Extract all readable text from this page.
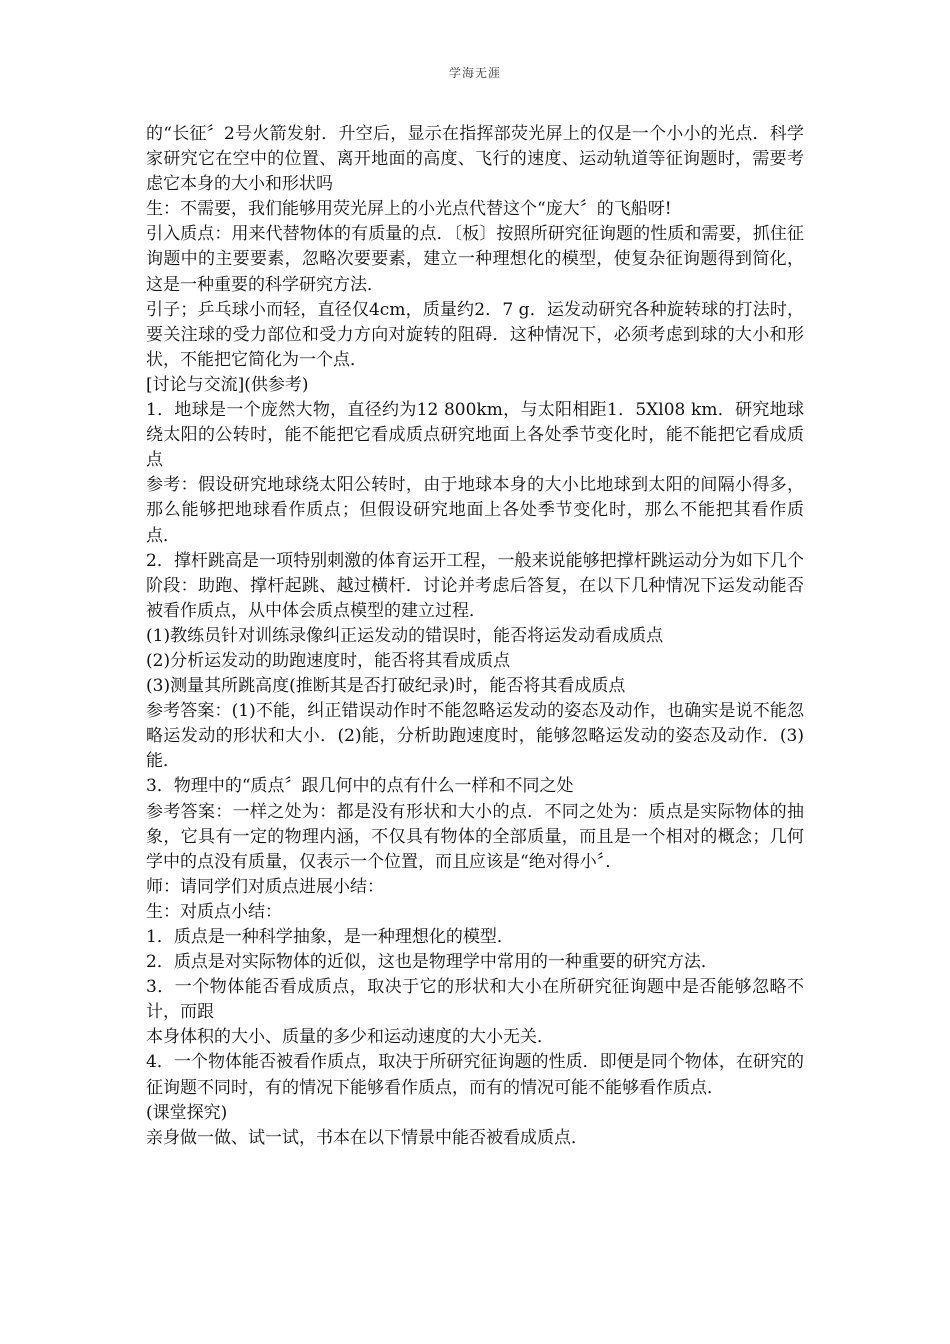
学海无涯

的“长征〞2号火箭发射．升空后，显示在指挥部荧光屏上的仅是一个小小的光点．科学家研究它在空中的位置、离开地面的高度、飞行的速度、运动轨道等征询题时，需要考虑它本身的大小和形状吗

生：不需要，我们能够用荧光屏上的小光点代替这个“庞大〞的飞船呀!

引入质点：用来代替物体的有质量的点．〔板〕按照所研究征询题的性质和需要，抓住征询题中的主要要素，忽略次要要素，建立一种理想化的模型，使复杂征询题得到简化，这是一种重要的科学研究方法．

引子；乒乓球小而轻，直径仅4cm，质量约2．7 g．运发动研究各种旋转球的打法时，要关注球的受力部位和受力方向对旋转的阻碍．这种情况下，必须考虑到球的大小和形状，不能把它简化为一个点．

[讨论与交流](供参考)

1．地球是一个庞然大物，直径约为12 800km，与太阳相距1．5Xl08 km．研究地球绕太阳的公转时，能不能把它看成质点研究地面上各处季节变化时，能不能把它看成质点

参考：假设研究地球绕太阳公转时，由于地球本身的大小比地球到太阳的间隔小得多，那么能够把地球看作质点；但假设研究地面上各处季节变化时，那么不能把其看作质点．

2．撑杆跳高是一项特别刺激的体育运开工程，一般来说能够把撑杆跳运动分为如下几个阶段：助跑、撑杆起跳、越过横杆．讨论并考虑后答复，在以下几种情况下运发动能否被看作质点，从中体会质点模型的建立过程．

(1)教练员针对训练录像纠正运发动的错误时，能否将运发动看成质点

(2)分析运发动的助跑速度时，能否将其看成质点

(3)测量其所跳高度(推断其是否打破纪录)时，能否将其看成质点

参考答案：(1)不能，纠正错误动作时不能忽略运发动的姿态及动作，也确实是说不能忽略运发动的形状和大小．(2)能，分析助跑速度时，能够忽略运发动的姿态及动作．(3)能．

3．物理中的“质点〞跟几何中的点有什么一样和不同之处

参考答案：一样之处为：都是没有形状和大小的点．不同之处为：质点是实际物体的抽象，它具有一定的物理内涵，不仅具有物体的全部质量，而且是一个相对的概念；几何学中的点没有质量，仅表示一个位置，而且应该是“绝对得小〞．

师：请同学们对质点进展小结：

生：对质点小结：

1．质点是一种科学抽象，是一种理想化的模型．

2．质点是对实际物体的近似，这也是物理学中常用的一种重要的研究方法．

3．一个物体能否看成质点，取决于它的形状和大小在所研究征询题中是否能够忽略不计，而跟

本身体积的大小、质量的多少和运动速度的大小无关．

4．一个物体能否被看作质点，取决于所研究征询题的性质．即便是同个物体，在研究的征询题不同时，有的情况下能够看作质点，而有的情况可能不能够看作质点．

(课堂探究)

亲身做一做、试一试，书本在以下情景中能否被看成质点．
